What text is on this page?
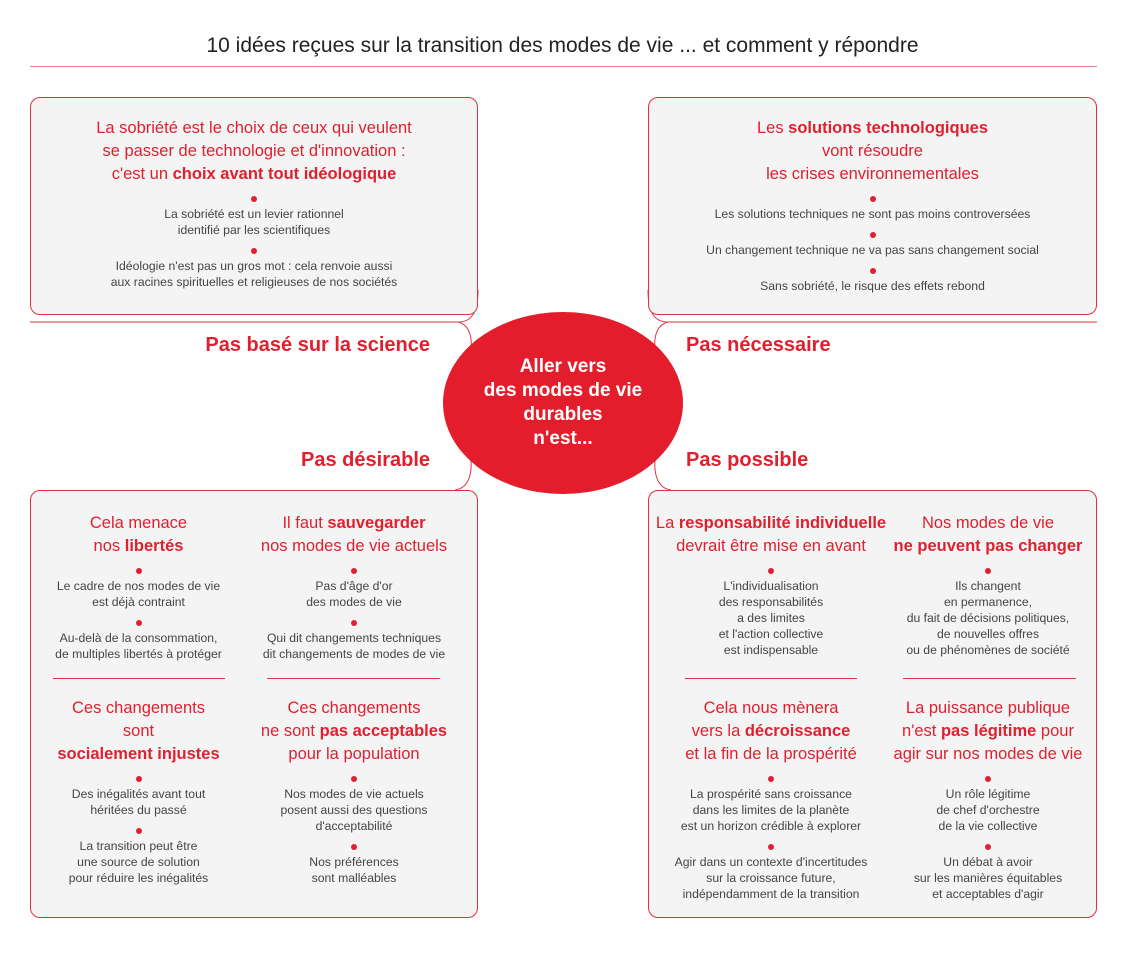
10 idées reçues sur la transition des modes de vie ... et comment y répondre
La sobriété est le choix de ceux qui veulent
se passer de technologie et d'innovation :
c'est un choix avant tout idéologique
La sobriété est un levier rationnel
identifié par les scientifiques
Idéologie n'est pas un gros mot : cela renvoie aussi
aux racines spirituelles et religieuses de nos sociétés
Les solutions technologiques
vont résoudre
les crises environnementales
Les solutions techniques ne sont pas moins controversées
Un changement technique ne va pas sans changement social
Sans sobriété, le risque des effets rebond
Pas basé sur la science	Pas nécessaire
Pas désirable	Pas possible
Aller vers
des modes de vie
durables
n'est...
Cela menace
nos libertés
Le cadre de nos modes de vie
est déjà contraint
Au-delà de la consommation,
de multiples libertés à protéger
Il faut sauvegarder
nos modes de vie actuels
Pas d'âge d'or
des modes de vie
Qui dit changements techniques
dit changements de modes de vie
Ces changements
sont
socialement injustes
Des inégalités avant tout
héritées du passé
La transition peut être
une source de solution
pour réduire les inégalités
Ces changements
ne sont pas acceptables
pour la population
Nos modes de vie actuels
posent aussi des questions
d'acceptabilité
Nos préférences
sont malléables
La responsabilité individuelle
devrait être mise en avant
L'individualisation
des responsabilités
a des limites
et l'action collective
est indispensable
Nos modes de vie
ne peuvent pas changer
Ils changent
en permanence,
du fait de décisions politiques,
de nouvelles offres
ou de phénomènes de société
Cela nous mènera
vers la décroissance
et la fin de la prospérité
La prospérité sans croissance
dans les limites de la planète
est un horizon crédible à explorer
Agir dans un contexte d'incertitudes
sur la croissance future,
indépendamment de la transition
La puissance publique
n'est pas légitime pour
agir sur nos modes de vie
Un rôle légitime
de chef d'orchestre
de la vie collective
Un débat à avoir
sur les manières équitables
et acceptables d'agir
